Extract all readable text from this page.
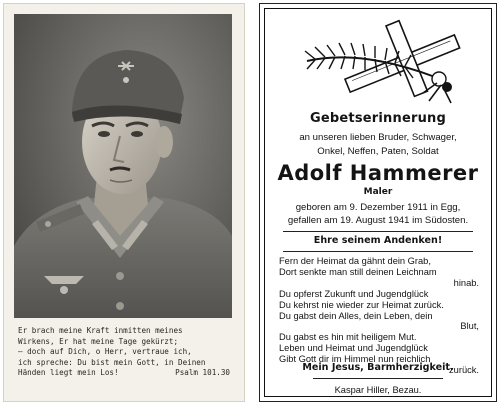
Er brach meine Kraft inmitten meines
Wirkens, Er hat meine Tage gekürzt;
— doch auf Dich, o Herr, vertraue ich,
ich spreche: Du bist mein Gott, in Deinen
Händen liegt mein Los!	Psalm 101.30
Gebetserinnerung
an unseren lieben Bruder, Schwager,
Onkel, Neffen, Paten, Soldat
Adolf Hammerer
Maler
geboren am 9. Dezember 1911 in Egg,
gefallen am 19. August 1941 im Südosten.
Ehre seinem Andenken!
Fern der Heimat da gähnt dein Grab,
Dort senkte man still deinen Leichnam
hinab.
Du opferst Zukunft und Jugendglück
Du kehrst nie wieder zur Heimat zurück.
Du gabst dein Alles, dein Leben, dein
Blut,
Du gabst es hin mit heiligem Mut.
Leben und Heimat und Jugendglück
Gibt Gott dir im Himmel nun reichlich
zurück.
Mein Jesus, Barmherzigkeit.
Kaspar Hiller, Bezau.
